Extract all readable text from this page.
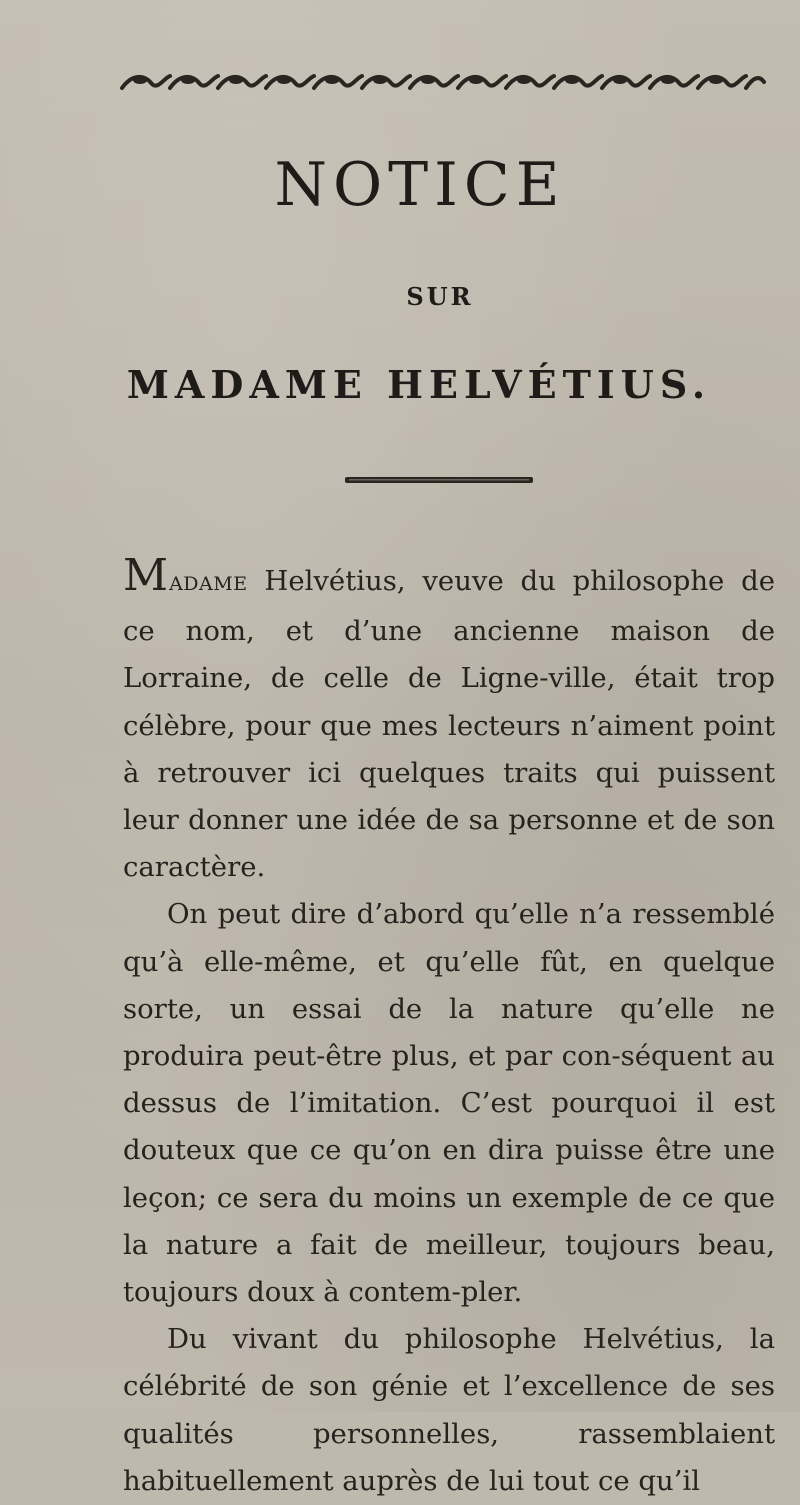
NOTICE
SUR
MADAME HELVÉTIUS.

MADAME Helvétius, veuve du philosophe de ce nom, et d’une ancienne maison de Lorraine, de celle de Ligne-ville, était trop célèbre, pour que mes lecteurs n’aiment point à retrouver ici quelques traits qui puissent leur donner une idée de sa personne et de son caractère.

On peut dire d’abord qu’elle n’a ressemblé qu’à elle-même, et qu’elle fût, en quelque sorte, un essai de la nature qu’elle ne produira peut-être plus, et par con-séquent au dessus de l’imitation. C’est pourquoi il est douteux que ce qu’on en dira puisse être une leçon; ce sera du moins un exemple de ce que la nature a fait de meilleur, toujours beau, toujours doux à contem-pler.

Du vivant du philosophe Helvétius, la célébrité de son génie et l’excellence de ses qualités personnelles, rassemblaient habituellement auprès de lui tout ce qu’il
